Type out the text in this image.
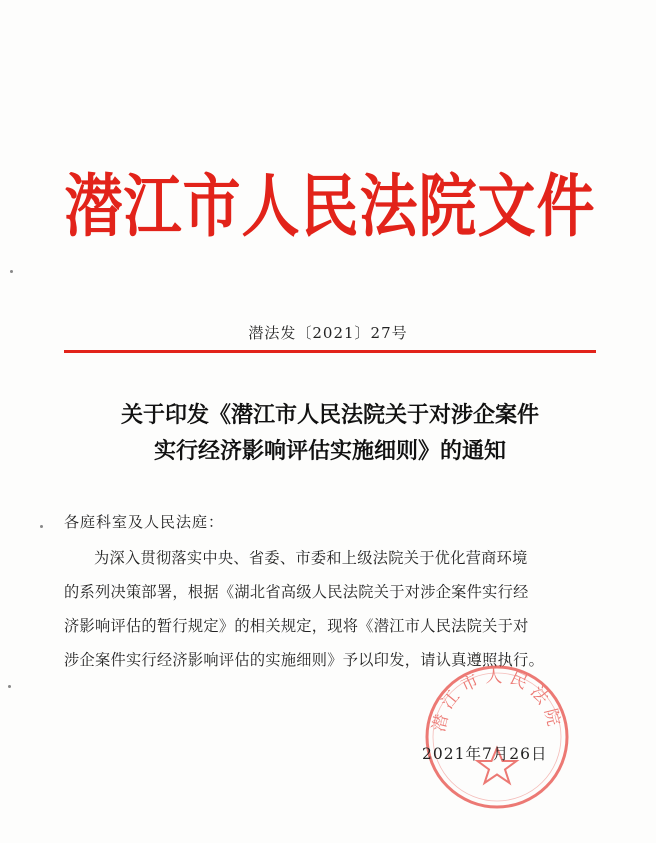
潜江市人民法院文件
潜法发〔2021〕27号
关于印发《潜江市人民法院关于对涉企案件
实行经济影响评估实施细则》的通知
各庭科室及人民法庭：
为深入贯彻落实中央、省委、市委和上级法院关于优化营商环境
的系列决策部署，根据《湖北省高级人民法院关于对涉企案件实行经
济影响评估的暂行规定》的相关规定，现将《潜江市人民法院关于对
涉企案件实行经济影响评估的实施细则》予以印发，请认真遵照执行。
潜江市人民法院
2021年7月26日
